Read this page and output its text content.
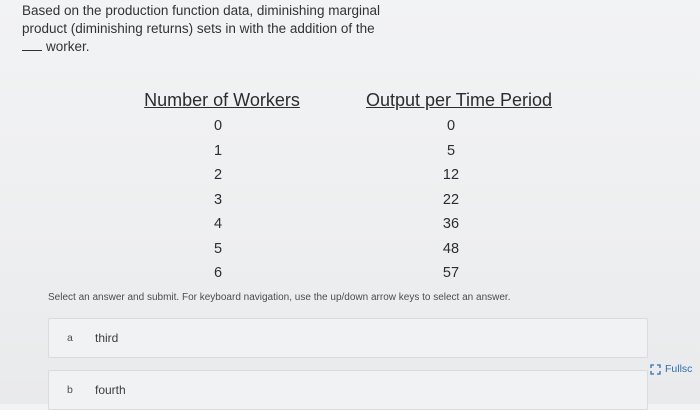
Based on the production function data, diminishing marginal
product (diminishing returns) sets in with the addition of the
worker.
Number of Workers
0
1
2
3
4
5
6
Output per Time Period
0
5
12
22
36
48
57
Select an answer and submit. For keyboard navigation, use the up/down arrow keys to select an answer.
a third
b fourth
Fullsc
